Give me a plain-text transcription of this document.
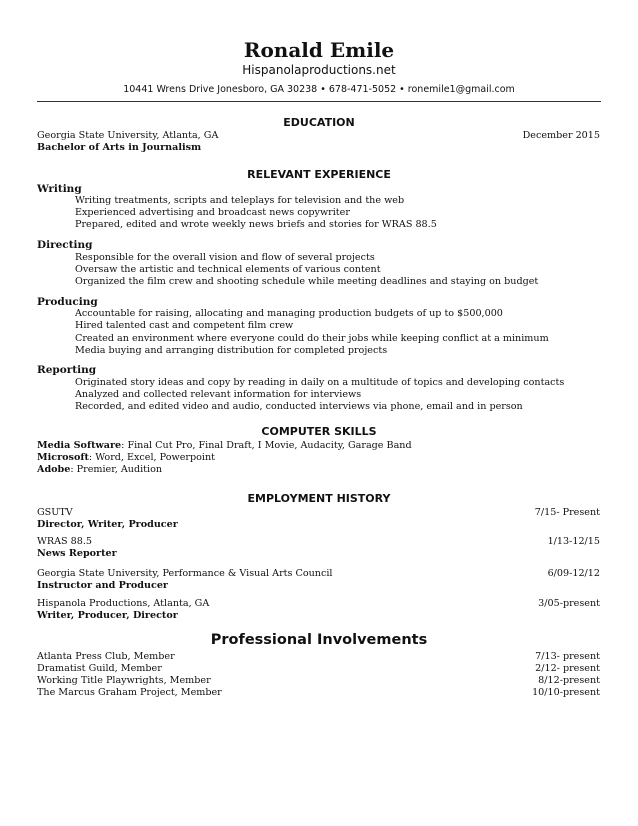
Ronald Emile
Hispanolaproductions.net
10441 Wrens Drive Jonesboro, GA 30238 • 678-471-5052 • ronemile1@gmail.com
EDUCATION
Georgia State University, Atlanta, GA	December 2015
Bachelor of Arts in Journalism
RELEVANT EXPERIENCE
Writing
Writing treatments, scripts and teleplays for television and the web
Experienced advertising and broadcast news copywriter
Prepared, edited and wrote weekly news briefs and stories for WRAS 88.5
Directing
Responsible for the overall vision and flow of several projects
Oversaw the artistic and technical elements of various content
Organized the film crew and shooting schedule while meeting deadlines and staying on budget
Producing
Accountable for raising, allocating and managing production budgets of up to $500,000
Hired talented cast and competent film crew
Created an environment where everyone could do their jobs while keeping conflict at a minimum
Media buying and arranging distribution for completed projects
Reporting
Originated story ideas and copy by reading in daily on a multitude of topics and developing contacts
Analyzed and collected relevant information for interviews
Recorded, and edited video and audio, conducted interviews via phone, email and in person
COMPUTER SKILLS
Media Software: Final Cut Pro, Final Draft, I Movie, Audacity, Garage Band
Microsoft: Word, Excel, Powerpoint
Adobe: Premier, Audition
EMPLOYMENT HISTORY
GSUTV	7/15- Present
Director, Writer, Producer
WRAS 88.5	1/13-12/15
News Reporter
Georgia State University, Performance & Visual Arts Council	6/09-12/12
Instructor and Producer
Hispanola Productions, Atlanta, GA	3/05-present
Writer, Producer, Director
Professional Involvements
Atlanta Press Club, Member	7/13- present
Dramatist Guild, Member	2/12- present
Working Title Playwrights, Member	8/12-present
The Marcus Graham Project, Member	10/10-present
